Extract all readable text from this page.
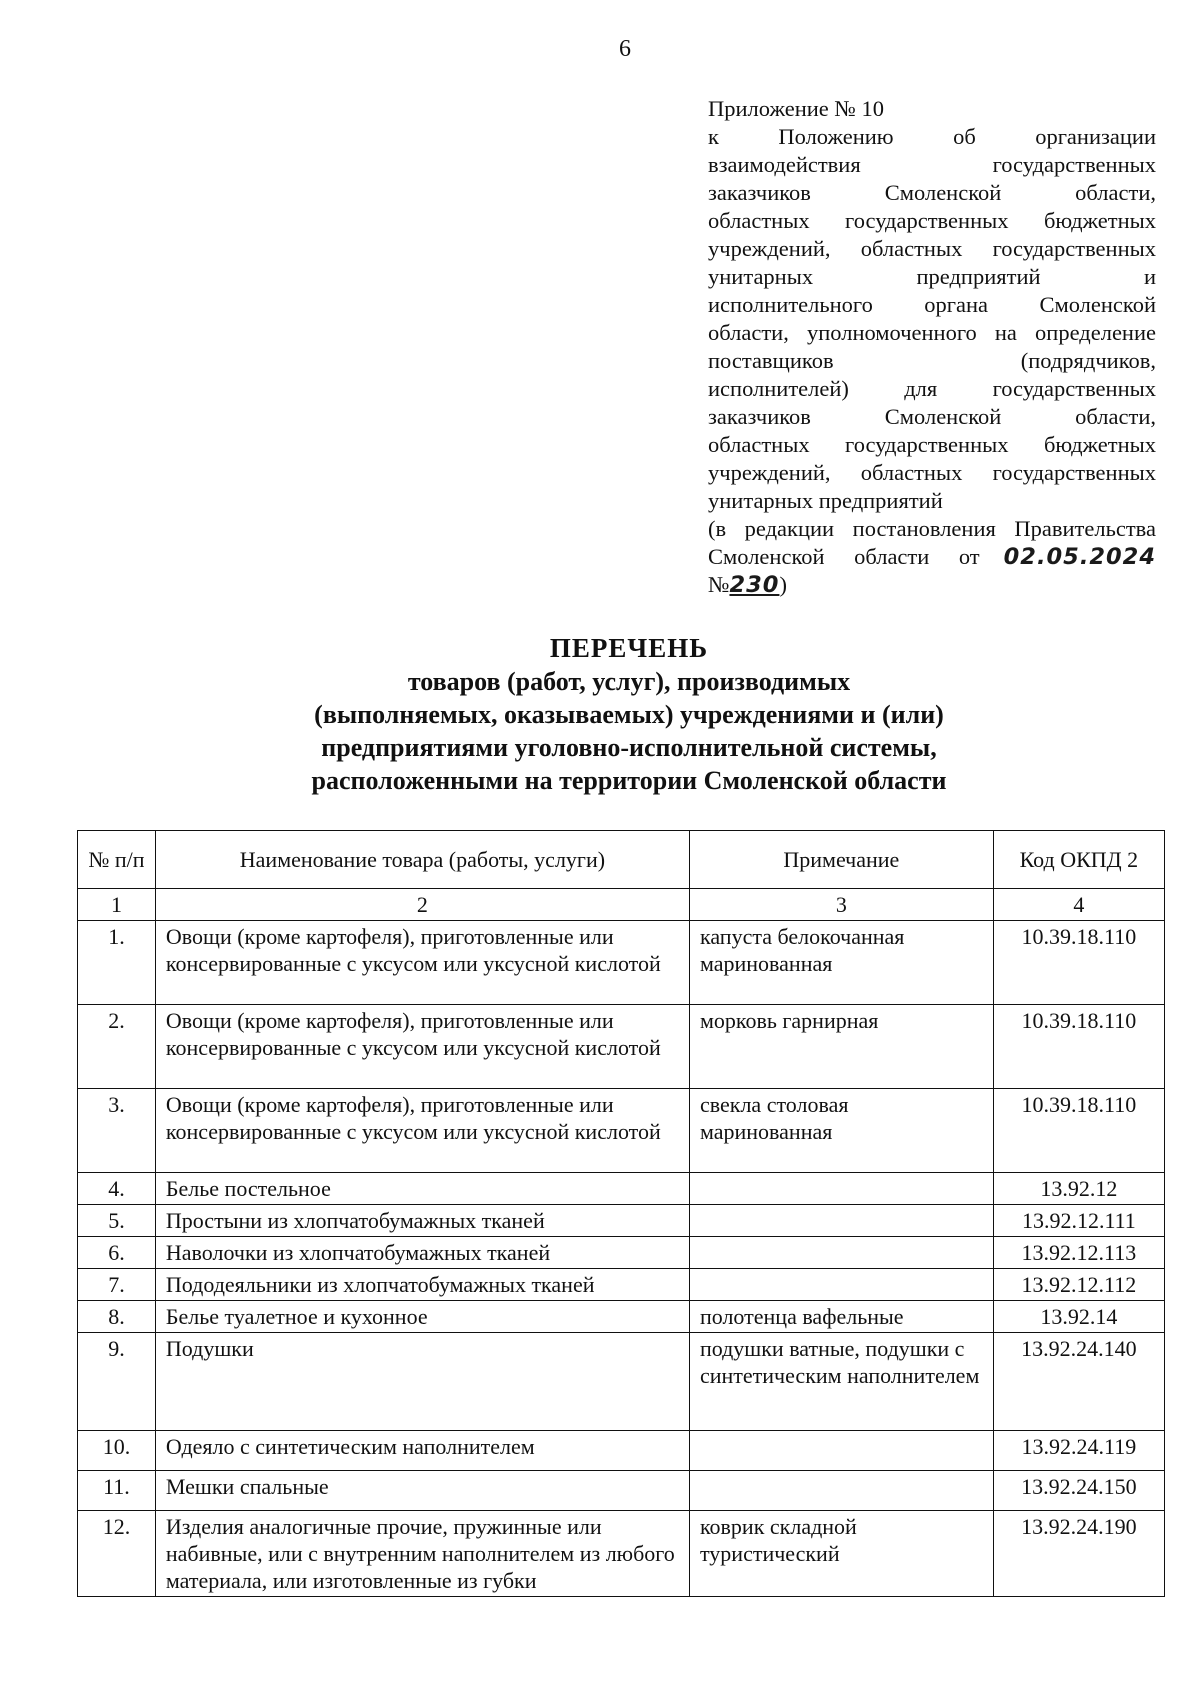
6
Приложение № 10
к Положению об организации
взаимодействия государственных
заказчиков Смоленской области,
областных государственных бюджетных
учреждений, областных государственных
унитарных предприятий и
исполнительного органа Смоленской
области, уполномоченного на определение
поставщиков (подрядчиков,
исполнителей) для государственных
заказчиков Смоленской области,
областных государственных бюджетных
учреждений, областных государственных
унитарных предприятий
(в редакции постановления Правительства
Смоленской области от	02.05.2024
№230)
ПЕРЕЧЕНЬ
товаров (работ, услуг), производимых
(выполняемых, оказываемых) учреждениями и (или)
предприятиями уголовно-исполнительной системы,
расположенными на территории Смоленской области
№ п/п	Наименование товара (работы, услуги)	Примечание	Код ОКПД 2
1	2	3	4
1.	Овощи (кроме картофеля), приготовленные или консервированные с уксусом или уксусной кислотой	капуста белокочанная маринованная	10.39.18.110
2.	Овощи (кроме картофеля), приготовленные или консервированные с уксусом или уксусной кислотой	морковь гарнирная	10.39.18.110
3.	Овощи (кроме картофеля), приготовленные или консервированные с уксусом или уксусной кислотой	свекла столовая маринованная	10.39.18.110
4.	Белье постельное		13.92.12
5.	Простыни из хлопчатобумажных тканей		13.92.12.111
6.	Наволочки из хлопчатобумажных тканей		13.92.12.113
7.	Пододеяльники из хлопчатобумажных тканей		13.92.12.112
8.	Белье туалетное и кухонное	полотенца вафельные	13.92.14
9.	Подушки	подушки ватные, подушки с синтетическим наполнителем	13.92.24.140
10.	Одеяло с синтетическим наполнителем		13.92.24.119
11.	Мешки спальные		13.92.24.150
12.	Изделия аналогичные прочие, пружинные или набивные, или с внутренним наполнителем из любого материала, или изготовленные из губки	коврик складной туристический	13.92.24.190
